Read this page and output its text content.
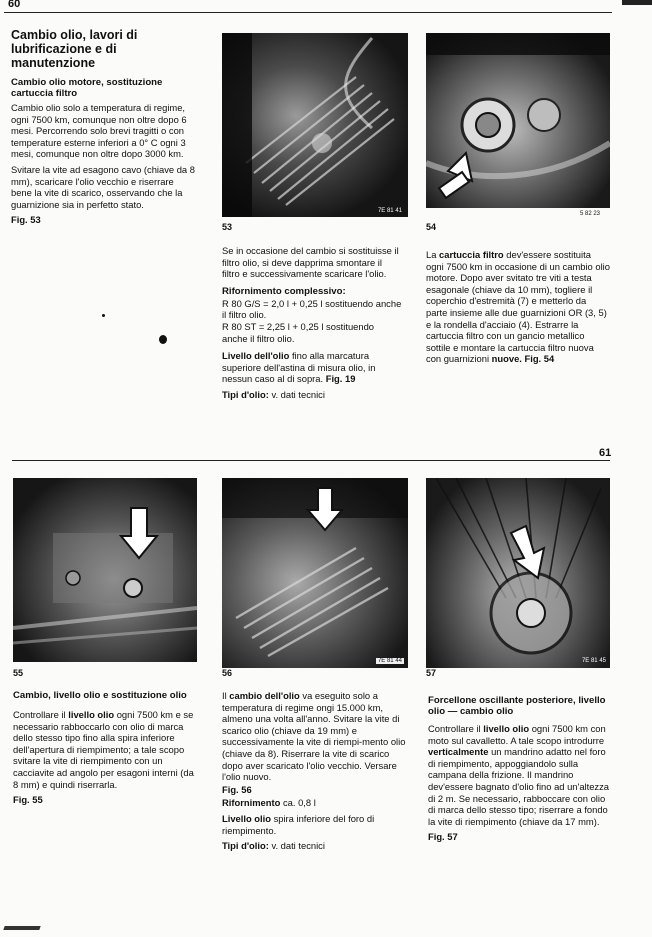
60
Cambio olio, lavori di lubrificazione e di manutenzione
Cambio olio motore, sostituzione cartuccia filtro

Cambio olio solo a temperatura di regime, ogni 7500 km, comunque non oltre dopo 6 mesi. Percorrendo solo brevi tragitti o con temperature esterne inferiori a 0° C ogni 3 mesi, comunque non oltre dopo 3000 km.

Svitare la vite ad esagono cavo (chiave da 8 mm), scaricare l'olio vecchio e riserrare bene la vite di scarico, osservando che la guarnizione sia in perfetto stato.

Fig. 53
7E 81 41
53
5 82 23
54

Se in occasione del cambio si sostituisse il filtro olio, si deve dapprima smontare il filtro e successivamente scaricare l'olio.

Rifornimento complessivo:

R 80 G/S = 2,0 l + 0,25 l sostituendo anche il filtro olio.

R 80 ST = 2,25 l + 0,25 l sostituendo anche il filtro olio.

Livello dell'olio fino alla marcatura superiore dell'astina di misura olio, in nessun caso al di sopra. Fig. 19

Tipi d'olio: v. dati tecnici

La cartuccia filtro dev'essere sostituita ogni 7500 km in occasione di un cambio olio motore. Dopo aver svitato tre viti a testa esagonale (chiave da 10 mm), togliere il coperchio d'estremità (7) e metterlo da parte insieme alle due guarnizioni OR (3, 5) e la rondella d'acciaio (4). Estrarre la cartuccia filtro con un gancio metallico sottile e montare la cartuccia filtro nuova con guarnizioni nuove. Fig. 54

61
55
7E 81 44
56
7E 81 45
57
Cambio, livello olio e sostituzione olio

Controllare il livello olio ogni 7500 km e se necessario rabboccarlo con olio di marca dello stesso tipo fino alla spira inferiore dell'apertura di riempimento; a tale scopo svitare la vite di riempimento con un cacciavite ad angolo per esagoni interni (da 8 mm) e quindi riserrarla.

Fig. 55

Il cambio dell'olio va eseguito solo a temperatura di regime ongi 15.000 km, almeno una volta all'anno. Svitare la vite di scarico olio (chiave da 19 mm) e successivamente la vite di riempi-mento olio (chiave da 8). Riserrare la vite di scarico dopo aver scaricato l'olio vecchio. Versare l'olio nuovo.

Fig. 56

Rifornimento ca. 0,8 l

Livello olio spira inferiore del foro di riempimento.

Tipi d'olio: v. dati tecnici

Forcellone oscillante posteriore, livello olio — cambio olio

Controllare il livello olio ogni 7500 km con moto sul cavalletto. A tale scopo introdurre verticalmente un mandrino adatto nel foro di riempimento, appoggiandolo sulla campana della frizione. Il mandrino dev'essere bagnato d'olio fino ad un'altezza di 2 m. Se necessario, rabboccare con olio di marca dello stesso tipo; riserrare a fondo la vite di riempimento (chiave da 17 mm).

Fig. 57
